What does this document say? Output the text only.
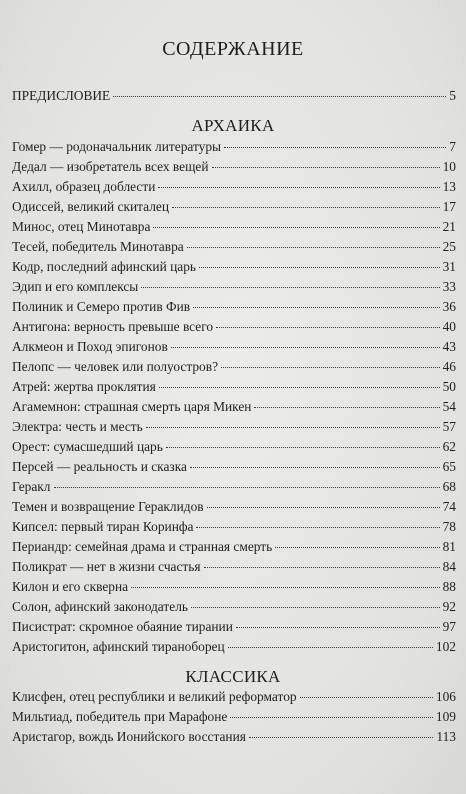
СОДЕРЖАНИЕ
ПРЕДИСЛОВИЕ	5
АРХАИКА
Гомер — родоначальник литературы	7
Дедал — изобретатель всех вещей	10
Ахилл, образец доблести	13
Одиссей, великий скиталец	17
Минос, отец Минотавра	21
Тесей, победитель Минотавра	25
Кодр, последний афинский царь	31
Эдип и его комплексы	33
Полиник и Семеро против Фив	36
Антигона: верность превыше всего	40
Алкмеон и Поход эпигонов	43
Пелопс — человек или полуостров?	46
Атрей: жертва проклятия	50
Агамемнон: страшная смерть царя Микен	54
Электра: честь и месть	57
Орест: сумасшедший царь	62
Персей — реальность и сказка	65
Геракл	68
Темен и возвращение Гераклидов	74
Кипсел: первый тиран Коринфа	78
Периандр: семейная драма и странная смерть	81
Поликрат — нет в жизни счастья	84
Килон и его скверна	88
Солон, афинский законодатель	92
Писистрат: скромное обаяние тирании	97
Аристогитон, афинский тираноборец	102
КЛАССИКА
Клисфен, отец республики и великий реформатор	106
Мильтиад, победитель при Марафоне	109
Аристагор, вождь Ионийского восстания	113
